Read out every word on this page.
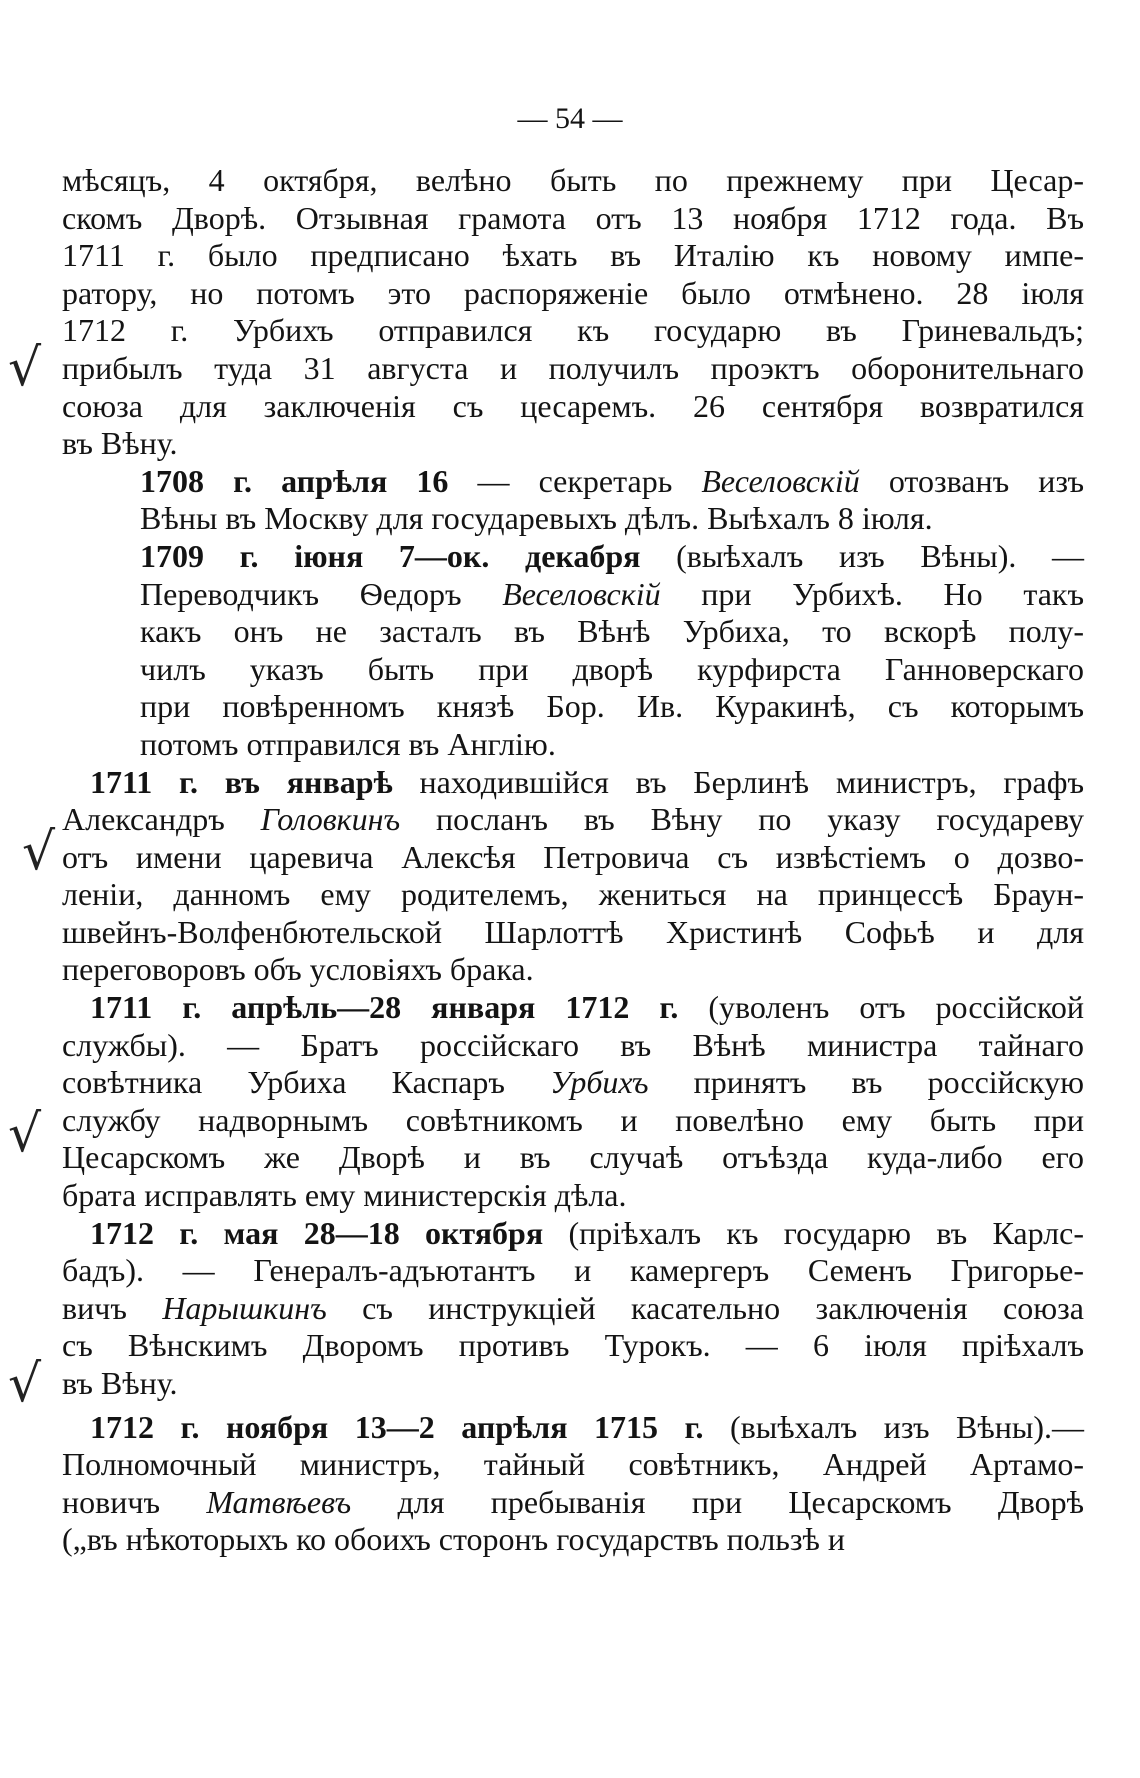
— 54 —
мѣсяцъ, 4 октября, велѣно быть по прежнему при Цесар-
скомъ Дворѣ. Отзывная грамота отъ 13 ноября 1712 года. Въ
1711 г. было предписано ѣхать въ Италію къ новому импе-
ратору, но потомъ это распоряженіе было отмѣнено. 28 іюля
1712 г. Урбихъ отправился къ государю въ Гриневальдъ;
прибылъ туда 31 августа и получилъ проэктъ оборонительнаго
союза для заключенія съ цесаремъ. 26 сентября возвратился
въ Вѣну.
1708 г. апрѣля 16 — секретарь Веселовскій отозванъ изъ
Вѣны въ Москву для государевыхъ дѣлъ. Выѣхалъ 8 іюля.
1709 г. іюня 7—ок. декабря (выѣхалъ изъ Вѣны). —
Переводчикъ Ѳедоръ Веселовскій при Урбихѣ. Но такъ
какъ онъ не засталъ въ Вѣнѣ Урбиха, то вскорѣ полу-
чилъ указъ быть при дворѣ курфирста Ганноверскаго
при повѣренномъ князѣ Бор. Ив. Куракинѣ, съ которымъ
потомъ отправился въ Англію.
1711 г. въ январѣ находившійся въ Берлинѣ министръ, графъ
Александръ Головкинъ посланъ въ Вѣну по указу государеву
отъ имени царевича Алексѣя Петровича съ извѣстіемъ о дозво-
леніи, данномъ ему родителемъ, жениться на принцессѣ Браун-
швейнъ-Волфенбютельской Шарлоттѣ Христинѣ Софьѣ и для
переговоровъ объ условіяхъ брака.
1711 г. апрѣль—28 января 1712 г. (уволенъ отъ россійской
службы). — Братъ россійскаго въ Вѣнѣ министра тайнаго
совѣтника Урбиха Каспаръ Урбихъ принятъ въ россійскую
службу надворнымъ совѣтникомъ и повелѣно ему быть при
Цесарскомъ же Дворѣ и въ случаѣ отъѣзда куда-либо его
брата исправлять ему министерскія дѣла.
1712 г. мая 28—18 октября (пріѣхалъ къ государю въ Карлс-
бадъ). — Генералъ-адъютантъ и камергеръ Семенъ Григорье-
вичъ Нарышкинъ съ инструкціей касательно заключенія союза
съ Вѣнскимъ Дворомъ противъ Турокъ. — 6 іюля пріѣхалъ
въ Вѣну.
1712 г. ноября 13—2 апрѣля 1715 г. (выѣхалъ изъ Вѣны).—
Полномочный министръ, тайный совѣтникъ, Андрей Артамо-
новичъ Матвѣевъ для пребыванія при Цесарскомъ Дворѣ
(„въ нѣкоторыхъ ко обоихъ сторонъ государствъ пользѣ и
√
√
√
√
